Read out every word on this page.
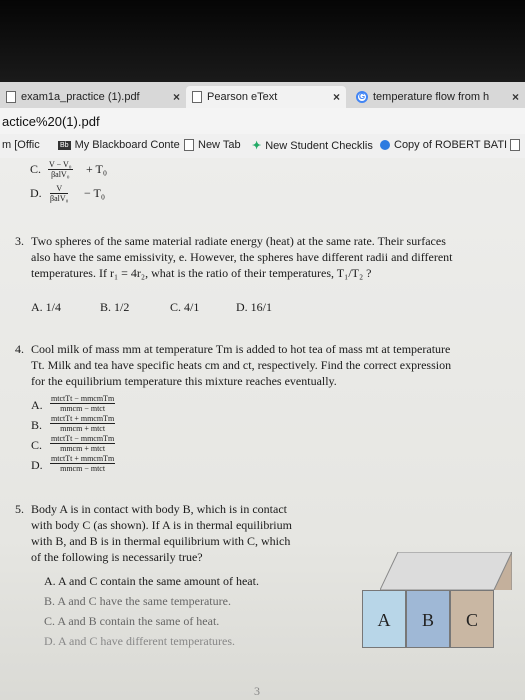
exam1a_practice (1).pdf	× Pearson eText	×	G temperature flow from h ×
actice%20(1).pdf
m [Offic	Bb My Blackboard Conte New Tab ✦ New Student Checklis Copy of ROBERT BATI
C. V − V₀
βalV₀ + T₀
D.	V
βalV₀ − T₀
3. Two spheres of the same material radiate energy (heat) at the same rate. Their surfaces
also have the same emissivity, e. However, the spheres have different radii and different
temperatures. If r₁ = 4r₂, what is the ratio of their temperatures, T₁/T₂ ?
A. 1/4	B. 1/2	C. 4/1	D. 16/1
4. Cool milk of mass mm at temperature Tm is added to hot tea of mass mt at temperature
Tt. Milk and tea have specific heats cm and ct, respectively. Find the correct expression
for the equilibrium temperature this mixture reaches eventually.
A. mtctTt − mmcmTm
mmcm − mtct
B. mtctTt + mmcmTm
mmcm + mtct
C. mtctTt − mmcmTm
mmcm + mtct
D. mtctTt + mmcmTm
mmcm − mtct
5. Body A is in contact with body B, which is in contact
with body C (as shown). If A is in thermal equilibrium
with B, and B is in thermal equilibrium with C, which
of the following is necessarily true?
A. A and C contain the same amount of heat.
B. A and C have the same temperature.
C. A and B contain the same of heat.
D. A and C have different temperatures.
A	B	C
3
